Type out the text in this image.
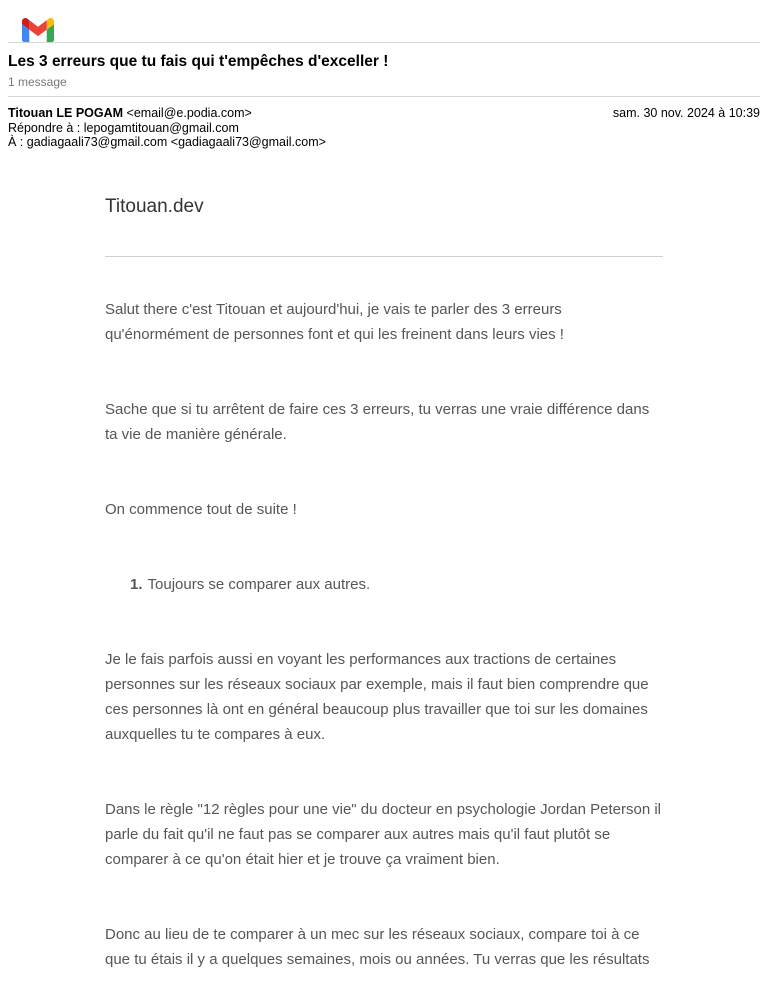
Les 3 erreurs que tu fais qui t'empêches d'exceller !
1 message
Titouan LE POGAM <email@e.podia.com>	sam. 30 nov. 2024 à 10:39
Répondre à : lepogamtitouan@gmail.com
À : gadiagaali73@gmail.com <gadiagaali73@gmail.com>
Titouan.dev

Salut there c'est Titouan et aujourd'hui, je vais te parler des 3 erreurs qu'énormément de personnes font et qui les freinent dans leurs vies !

Sache que si tu arrêtent de faire ces 3 erreurs, tu verras une vraie différence dans ta vie de manière générale.

On commence tout de suite !

1. Toujours se comparer aux autres.

Je le fais parfois aussi en voyant les performances aux tractions de certaines personnes sur les réseaux sociaux par exemple, mais il faut bien comprendre que ces personnes là ont en général beaucoup plus travailler que toi sur les domaines auxquelles tu te compares à eux.

Dans le règle "12 règles pour une vie" du docteur en psychologie Jordan Peterson il parle du fait qu'il ne faut pas se comparer aux autres mais qu'il faut plutôt se comparer à ce qu'on était hier et je trouve ça vraiment bien.

Donc au lieu de te comparer à un mec sur les réseaux sociaux, compare toi à ce que tu étais il y a quelques semaines, mois ou années. Tu verras que les résultats
